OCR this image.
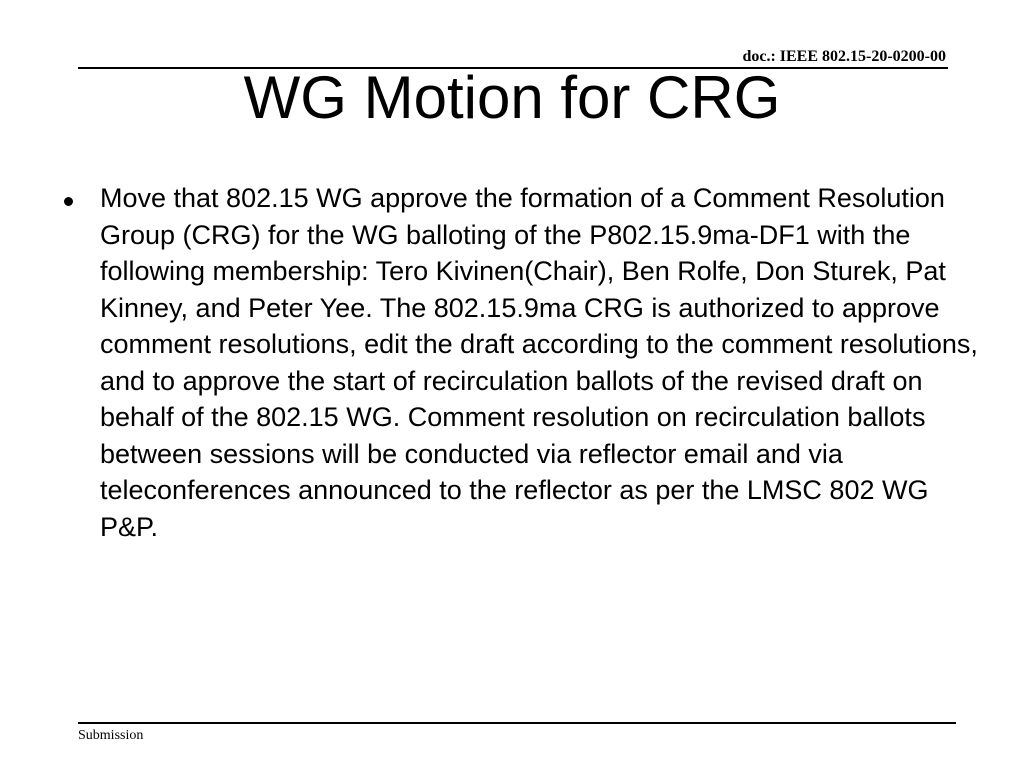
doc.: IEEE 802.15-20-0200-00
WG Motion for CRG
Move that 802.15 WG approve the formation of a Comment Resolution Group (CRG) for the WG balloting of the P802.15.9ma-DF1 with the following membership: Tero Kivinen(Chair), Ben Rolfe, Don Sturek, Pat Kinney, and Peter Yee. The 802.15.9ma CRG is authorized to approve comment resolutions, edit the draft according to the comment resolutions, and to approve the start of recirculation ballots of the revised draft on behalf of the 802.15 WG. Comment resolution on recirculation ballots between sessions will be conducted via reflector email and via teleconferences announced to the reflector as per the LMSC 802 WG P&P.
Submission
